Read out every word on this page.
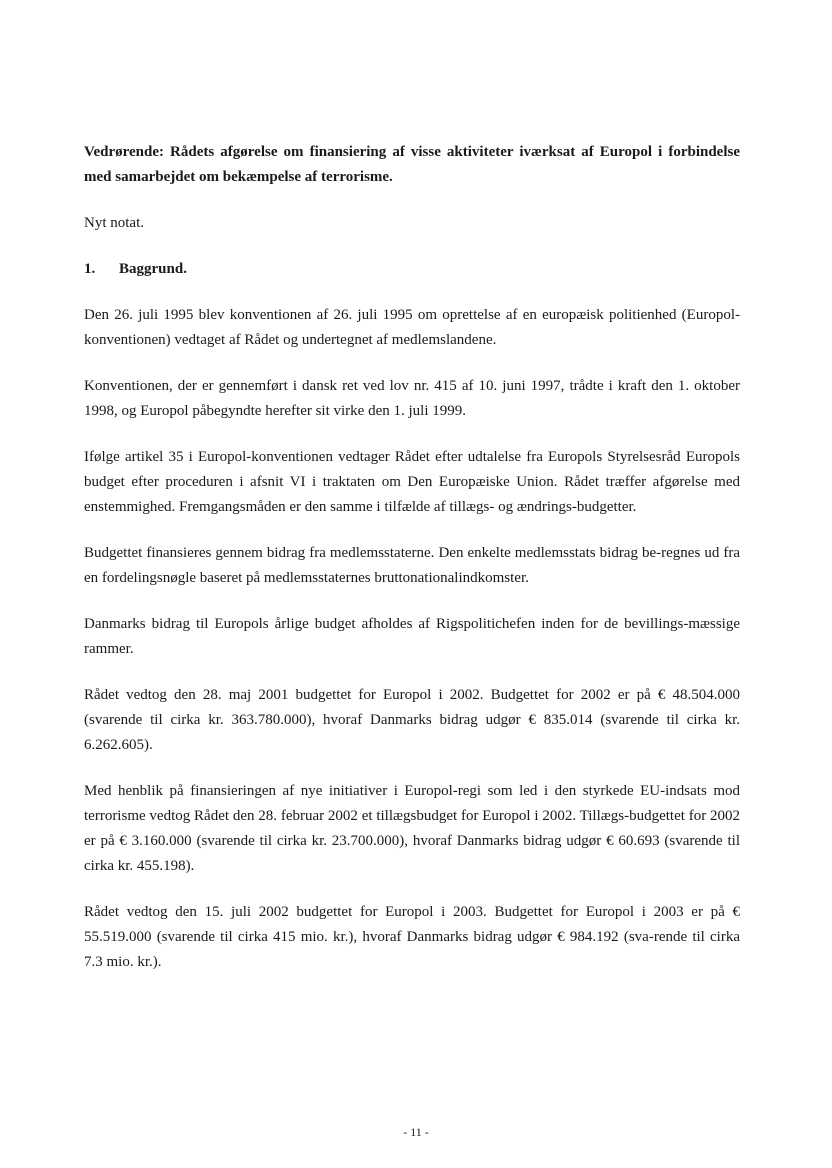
Vedrørende: Rådets afgørelse om finansiering af visse aktiviteter iværksat af Europol i forbindelse med samarbejdet om bekæmpelse af terrorisme.

Nyt notat.

1.	Baggrund.

Den 26. juli 1995 blev konventionen af 26. juli 1995 om oprettelse af en europæisk politienhed (Europol-konventionen) vedtaget af Rådet og undertegnet af medlemslandene.

Konventionen, der er gennemført i dansk ret ved lov nr. 415 af 10. juni 1997, trådte i kraft den 1. oktober 1998, og Europol påbegyndte herefter sit virke den 1. juli 1999.

Ifølge artikel 35 i Europol-konventionen vedtager Rådet efter udtalelse fra Europols Styrelsesråd Europols budget efter proceduren i afsnit VI i traktaten om Den Europæiske Union. Rådet træffer afgørelse med enstemmighed. Fremgangsmåden er den samme i tilfælde af tillægs- og ændrings-budgetter.

Budgettet finansieres gennem bidrag fra medlemsstaterne. Den enkelte medlemsstats bidrag be-regnes ud fra en fordelingsnøgle baseret på medlemsstaternes bruttonationalindkomster.

Danmarks bidrag til Europols årlige budget afholdes af Rigspolitichefen inden for de bevillings-mæssige rammer.

Rådet vedtog den 28. maj 2001 budgettet for Europol i 2002. Budgettet for 2002 er på € 48.504.000 (svarende til cirka kr. 363.780.000), hvoraf Danmarks bidrag udgør € 835.014 (svarende til cirka kr. 6.262.605).

Med henblik på finansieringen af nye initiativer i Europol-regi som led i den styrkede EU-indsats mod terrorisme vedtog Rådet den 28. februar 2002 et tillægsbudget for Europol i 2002. Tillægs-budgettet for 2002 er på € 3.160.000 (svarende til cirka kr. 23.700.000), hvoraf Danmarks bidrag udgør € 60.693 (svarende til cirka kr. 455.198).

Rådet vedtog den 15. juli 2002 budgettet for Europol i 2003. Budgettet for Europol i 2003 er på € 55.519.000 (svarende til cirka 415 mio. kr.), hvoraf Danmarks bidrag udgør € 984.192 (sva-rende til cirka 7.3 mio. kr.).

- 11 -
